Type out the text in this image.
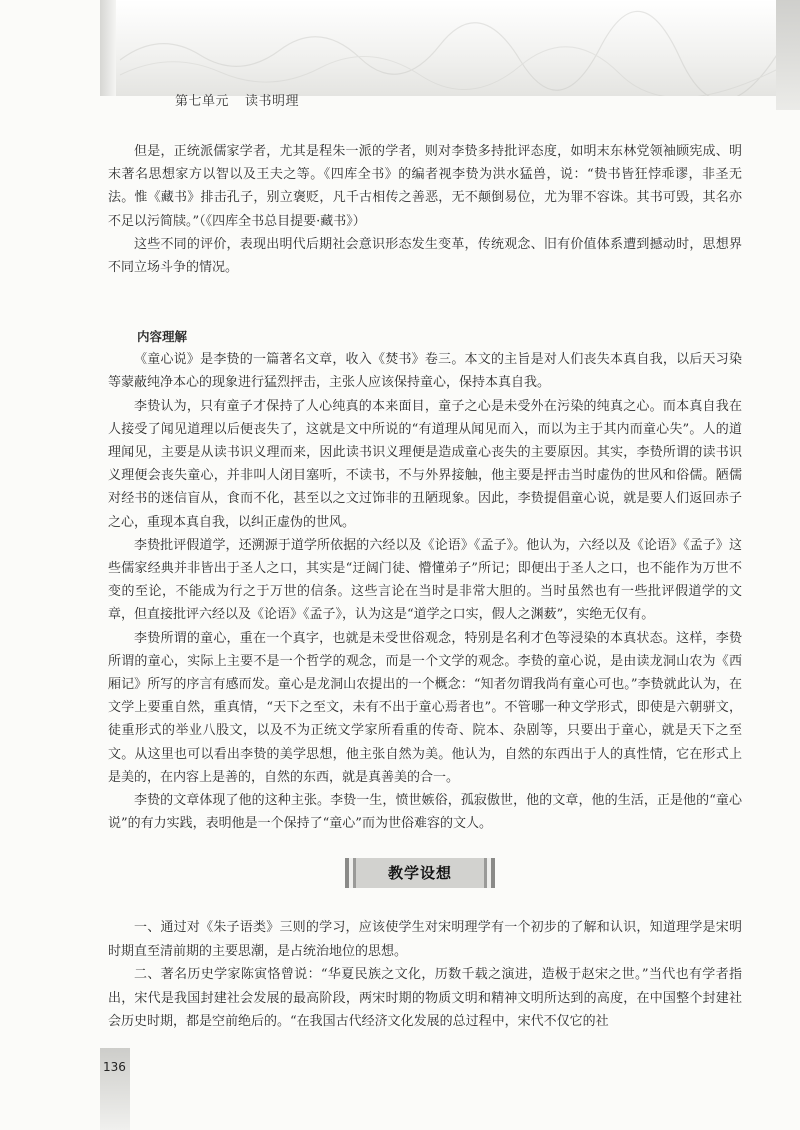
第七单元 读书明理

但是，正统派儒家学者，尤其是程朱一派的学者，则对李贽多持批评态度，如明末东林党领袖顾宪成、明末著名思想家方以智以及王夫之等。《四库全书》的编者视李贽为洪水猛兽，说：“贽书皆狂悖乖谬，非圣无法。惟《藏书》排击孔子，别立褒贬，凡千古相传之善恶，无不颠倒易位，尤为罪不容诛。其书可毁，其名亦不足以污简牍。”（《四库全书总目提要·藏书》）

这些不同的评价，表现出明代后期社会意识形态发生变革，传统观念、旧有价值体系遭到撼动时，思想界不同立场斗争的情况。

内容理解

《童心说》是李贽的一篇著名文章，收入《焚书》卷三。本文的主旨是对人们丧失本真自我，以后天习染等蒙蔽纯净本心的现象进行猛烈抨击，主张人应该保持童心，保持本真自我。

李贽认为，只有童子才保持了人心纯真的本来面目，童子之心是未受外在污染的纯真之心。而本真自我在人接受了闻见道理以后便丧失了，这就是文中所说的“有道理从闻见而入，而以为主于其内而童心失”。人的道理闻见，主要是从读书识义理而来，因此读书识义理便是造成童心丧失的主要原因。其实，李贽所谓的读书识义理便会丧失童心，并非叫人闭目塞听，不读书，不与外界接触，他主要是抨击当时虚伪的世风和俗儒。陋儒对经书的迷信盲从，食而不化，甚至以之文过饰非的丑陋现象。因此，李贽提倡童心说，就是要人们返回赤子之心，重现本真自我，以纠正虚伪的世风。

李贽批评假道学，还溯源于道学所依据的六经以及《论语》《孟子》。他认为，六经以及《论语》《孟子》这些儒家经典并非皆出于圣人之口，其实是“迂阔门徒、懵懂弟子”所记；即便出于圣人之口，也不能作为万世不变的至论，不能成为行之于万世的信条。这些言论在当时是非常大胆的。当时虽然也有一些批评假道学的文章，但直接批评六经以及《论语》《孟子》，认为这是“道学之口实，假人之渊薮”，实绝无仅有。

李贽所谓的童心，重在一个真字，也就是未受世俗观念，特别是名利才色等浸染的本真状态。这样，李贽所谓的童心，实际上主要不是一个哲学的观念，而是一个文学的观念。李贽的童心说，是由读龙洞山农为《西厢记》所写的序言有感而发。童心是龙洞山农提出的一个概念：“知者勿谓我尚有童心可也。”李贽就此认为，在文学上要重自然，重真情，“天下之至文，未有不出于童心焉者也”。不管哪一种文学形式，即使是六朝骈文，徒重形式的举业八股文，以及不为正统文学家所看重的传奇、院本、杂剧等，只要出于童心，就是天下之至文。从这里也可以看出李贽的美学思想，他主张自然为美。他认为，自然的东西出于人的真性情，它在形式上是美的，在内容上是善的，自然的东西，就是真善美的合一。

李贽的文章体现了他的这种主张。李贽一生，愤世嫉俗，孤寂傲世，他的文章，他的生活，正是他的“童心说”的有力实践，表明他是一个保持了“童心”而为世俗难容的文人。

教学设想

一、通过对《朱子语类》三则的学习，应该使学生对宋明理学有一个初步的了解和认识，知道理学是宋明时期直至清前期的主要思潮，是占统治地位的思想。

二、著名历史学家陈寅恪曾说：“华夏民族之文化，历数千载之演进，造极于赵宋之世。”当代也有学者指出，宋代是我国封建社会发展的最高阶段，两宋时期的物质文明和精神文明所达到的高度，在中国整个封建社会历史时期，都是空前绝后的。“在我国古代经济文化发展的总过程中，宋代不仅它的社

136
